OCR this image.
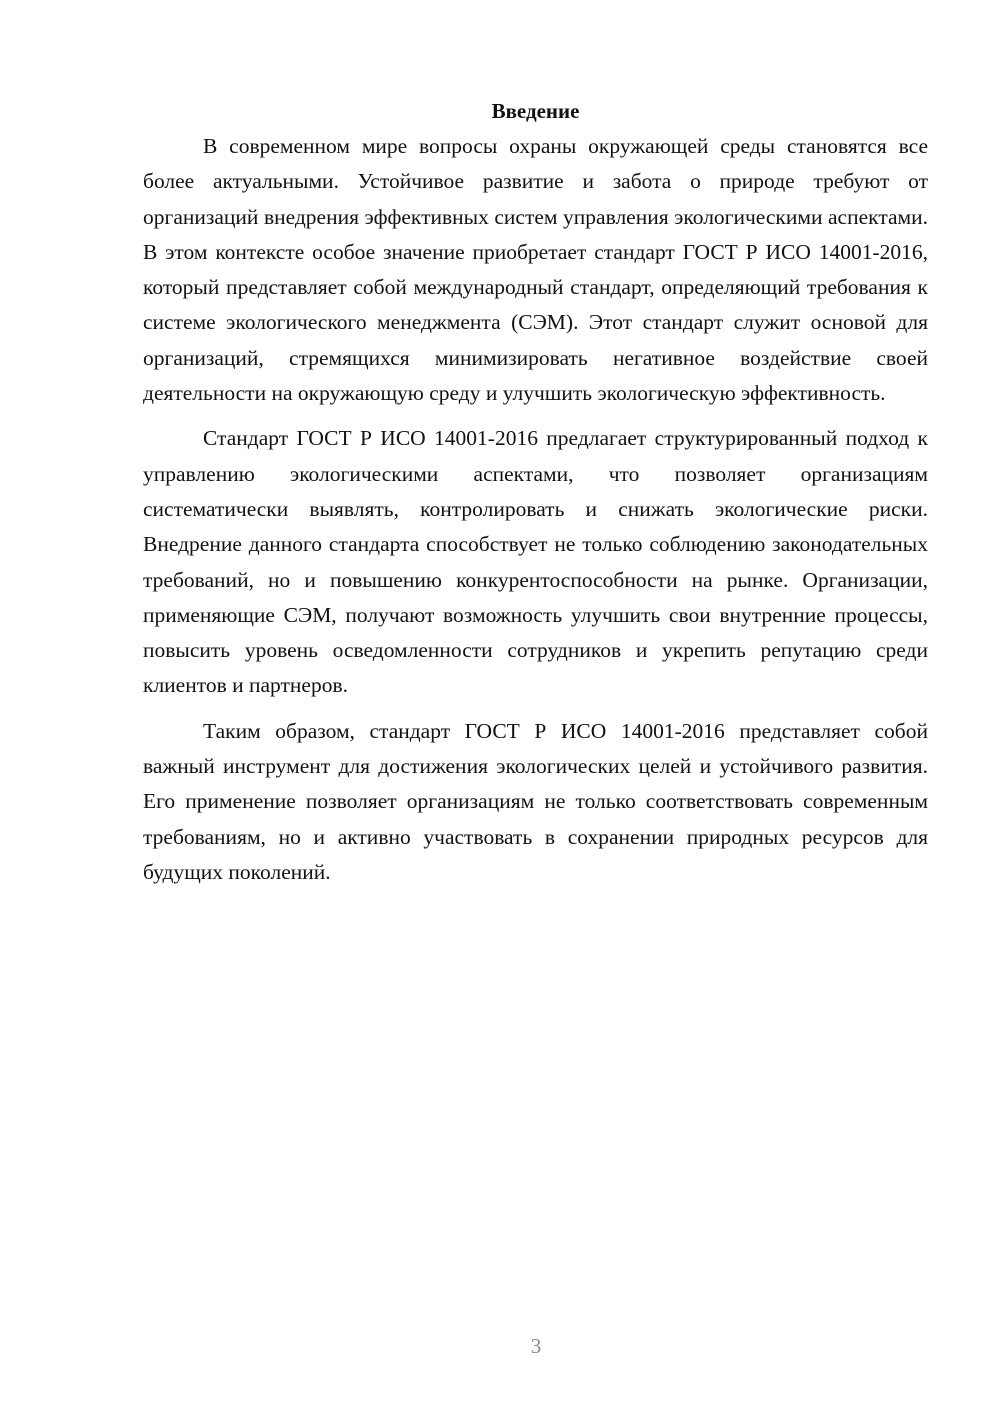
Введение

В современном мире вопросы охраны окружающей среды становятся все более актуальными. Устойчивое развитие и забота о природе требуют от организаций внедрения эффективных систем управления экологическими аспектами. В этом контексте особое значение приобретает стандарт ГОСТ Р ИСО 14001-2016, который представляет собой международный стандарт, определяющий требования к системе экологического менеджмента (СЭМ). Этот стандарт служит основой для организаций, стремящихся минимизировать негативное воздействие своей деятельности на окружающую среду и улучшить экологическую эффективность.

Стандарт ГОСТ Р ИСО 14001-2016 предлагает структурированный подход к управлению экологическими аспектами, что позволяет организациям систематически выявлять, контролировать и снижать экологические риски. Внедрение данного стандарта способствует не только соблюдению законодательных требований, но и повышению конкурентоспособности на рынке. Организации, применяющие СЭМ, получают возможность улучшить свои внутренние процессы, повысить уровень осведомленности сотрудников и укрепить репутацию среди клиентов и партнеров.

Таким образом, стандарт ГОСТ Р ИСО 14001-2016 представляет собой важный инструмент для достижения экологических целей и устойчивого развития. Его применение позволяет организациям не только соответствовать современным требованиям, но и активно участвовать в сохранении природных ресурсов для будущих поколений.

3
